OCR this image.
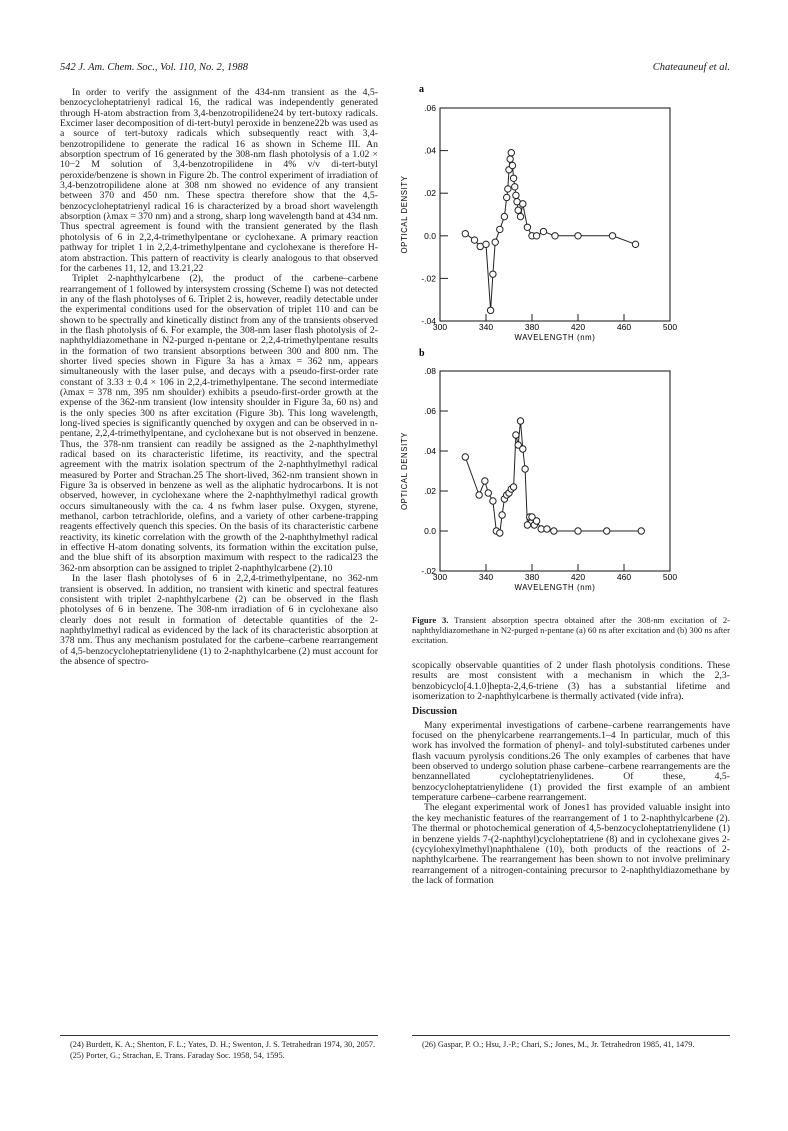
542 J. Am. Chem. Soc., Vol. 110, No. 2, 1988	Chateauneuf et al.

In order to verify the assignment of the 434-nm transient as the 4,5-benzocycloheptatrienyl radical 16, the radical was independently generated through H-atom abstraction from 3,4-benzotropilidene24 by tert-butoxy radicals. Excimer laser decomposition of di-tert-butyl peroxide in benzene22b was used as a source of tert-butoxy radicals which subsequently react with 3,4-benzotropilidene to generate the radical 16 as shown in Scheme III. An absorption spectrum of 16 generated by the 308-nm flash photolysis of a 1.02 × 10−2 M solution of 3,4-benzotropilidene in 4% v/v di-tert-butyl peroxide/benzene is shown in Figure 2b. The control experiment of irradiation of 3,4-benzotropilidene alone at 308 nm showed no evidence of any transient between 370 and 450 nm. These spectra therefore show that the 4,5-benzocycloheptatrienyl radical 16 is characterized by a broad short wavelength absorption (λmax = 370 nm) and a strong, sharp long wavelength band at 434 nm. Thus spectral agreement is found with the transient generated by the flash photolysis of 6 in 2,2,4-trimethylpentane or cyclohexane. A primary reaction pathway for triplet 1 in 2,2,4-trimethylpentane and cyclohexane is therefore H-atom abstraction. This pattern of reactivity is clearly analogous to that observed for the carbenes 11, 12, and 13.21,22

Triplet 2-naphthylcarbene (2), the product of the carbene–carbene rearrangement of 1 followed by intersystem crossing (Scheme I) was not detected in any of the flash photolyses of 6. Triplet 2 is, however, readily detectable under the experimental conditions used for the observation of triplet 110 and can be shown to be spectrally and kinetically distinct from any of the transients observed in the flash photolysis of 6. For example, the 308-nm laser flash photolysis of 2-naphthyldiazomethane in N2-purged n-pentane or 2,2,4-trimethylpentane results in the formation of two transient absorptions between 300 and 800 nm. The shorter lived species shown in Figure 3a has a λmax = 362 nm, appears simultaneously with the laser pulse, and decays with a pseudo-first-order rate constant of 3.33 ± 0.4 × 106 in 2,2,4-trimethylpentane. The second intermediate (λmax = 378 nm, 395 nm shoulder) exhibits a pseudo-first-order growth at the expense of the 362-nm transient (low intensity shoulder in Figure 3a, 60 ns) and is the only species 300 ns after excitation (Figure 3b). This long wavelength, long-lived species is significantly quenched by oxygen and can be observed in n-pentane, 2,2,4-trimethylpentane, and cyclohexane but is not observed in benzene. Thus, the 378-nm transient can readily be assigned as the 2-naphthylmethyl radical based on its characteristic lifetime, its reactivity, and the spectral agreement with the matrix isolation spectrum of the 2-naphthylmethyl radical measured by Porter and Strachan.25 The short-lived, 362-nm transient shown in Figure 3a is observed in benzene as well as the aliphatic hydrocarbons. It is not observed, however, in cyclohexane where the 2-naphthylmethyl radical growth occurs simultaneously with the ca. 4 ns fwhm laser pulse. Oxygen, styrene, methanol, carbon tetrachloride, olefins, and a variety of other carbene-trapping reagents effectively quench this species. On the basis of its characteristic carbene reactivity, its kinetic correlation with the growth of the 2-naphthylmethyl radical in effective H-atom donating solvents, its formation within the excitation pulse, and the blue shift of its absorption maximum with respect to the radical23 the 362-nm absorption can be assigned to triplet 2-naphthylcarbene (2).10

In the laser flash photolyses of 6 in 2,2,4-trimethylpentane, no 362-nm transient is observed. In addition, no transient with kinetic and spectral features consistent with triplet 2-naphthylcarbene (2) can be observed in the flash photolyses of 6 in benzene. The 308-nm irradiation of 6 in cyclohexane also clearly does not result in formation of detectable quantities of the 2-naphthylmethyl radical as evidenced by the lack of its characteristic absorption at 378 nm. Thus any mechanism postulated for the carbene–carbene rearrangement of 4,5-benzocycloheptatrienylidene (1) to 2-naphthylcarbene (2) must account for the absence of spectro-

a
.06
.04
.02
0.0
-.02
-.04
300	340	380	420	460	500
WAVELENGTH (nm)
OPTICAL DENSITY
b
.08
.06
.04
.02
0.0
-.02
300	340	380	420	460	500
WAVELENGTH (nm)
OPTICAL DENSITY
Figure 3. Transient absorption spectra obtained after the 308-nm excitation of 2-naphthyldiazomethane in N2-purged n-pentane (a) 60 ns after excitation and (b) 300 ns after excitation.

scopically observable quantities of 2 under flash photolysis conditions. These results are most consistent with a mechanism in which the 2,3-benzobicyclo[4.1.0]hepta-2,4,6-triene (3) has a substantial lifetime and isomerization to 2-naphthylcarbene is thermally activated (vide infra).

Discussion

Many experimental investigations of carbene–carbene rearrangements have focused on the phenylcarbene rearrangements.1–4 In particular, much of this work has involved the formation of phenyl- and tolyl-substituted carbenes under flash vacuum pyrolysis conditions.26 The only examples of carbenes that have been observed to undergo solution phase carbene–carbene rearrangements are the benzannellated cycloheptatrienylidenes. Of these, 4,5-benzocycloheptatrienylidene (1) provided the first example of an ambient temperature carbene–carbene rearrangement.

The elegant experimental work of Jones1 has provided valuable insight into the key mechanistic features of the rearrangement of 1 to 2-naphthylcarbene (2). The thermal or photochemical generation of 4,5-benzocycloheptatrienylidene (1) in benzene yields 7-(2-naphthyl)cycloheptatriene (8) and in cyclohexane gives 2-(cycylohexylmethyl)naphthalene (10), both products of the reactions of 2-naphthylcarbene. The rearrangement has been shown to not involve preliminary rearrangement of a nitrogen-containing precursor to 2-naphthyldiazomethane by the lack of formation

(24) Burdett, K. A.; Shenton, F. L.; Yates, D. H.; Swenton, J. S. Tetrahedran 1974, 30, 2057.
(25) Porter, G.; Strachan, E. Trans. Faraday Soc. 1958, 54, 1595.
(26) Gaspar, P. O.; Hsu, J.-P.; Chari, S.; Jones, M., Jr. Tetrahedron 1985, 41, 1479.
